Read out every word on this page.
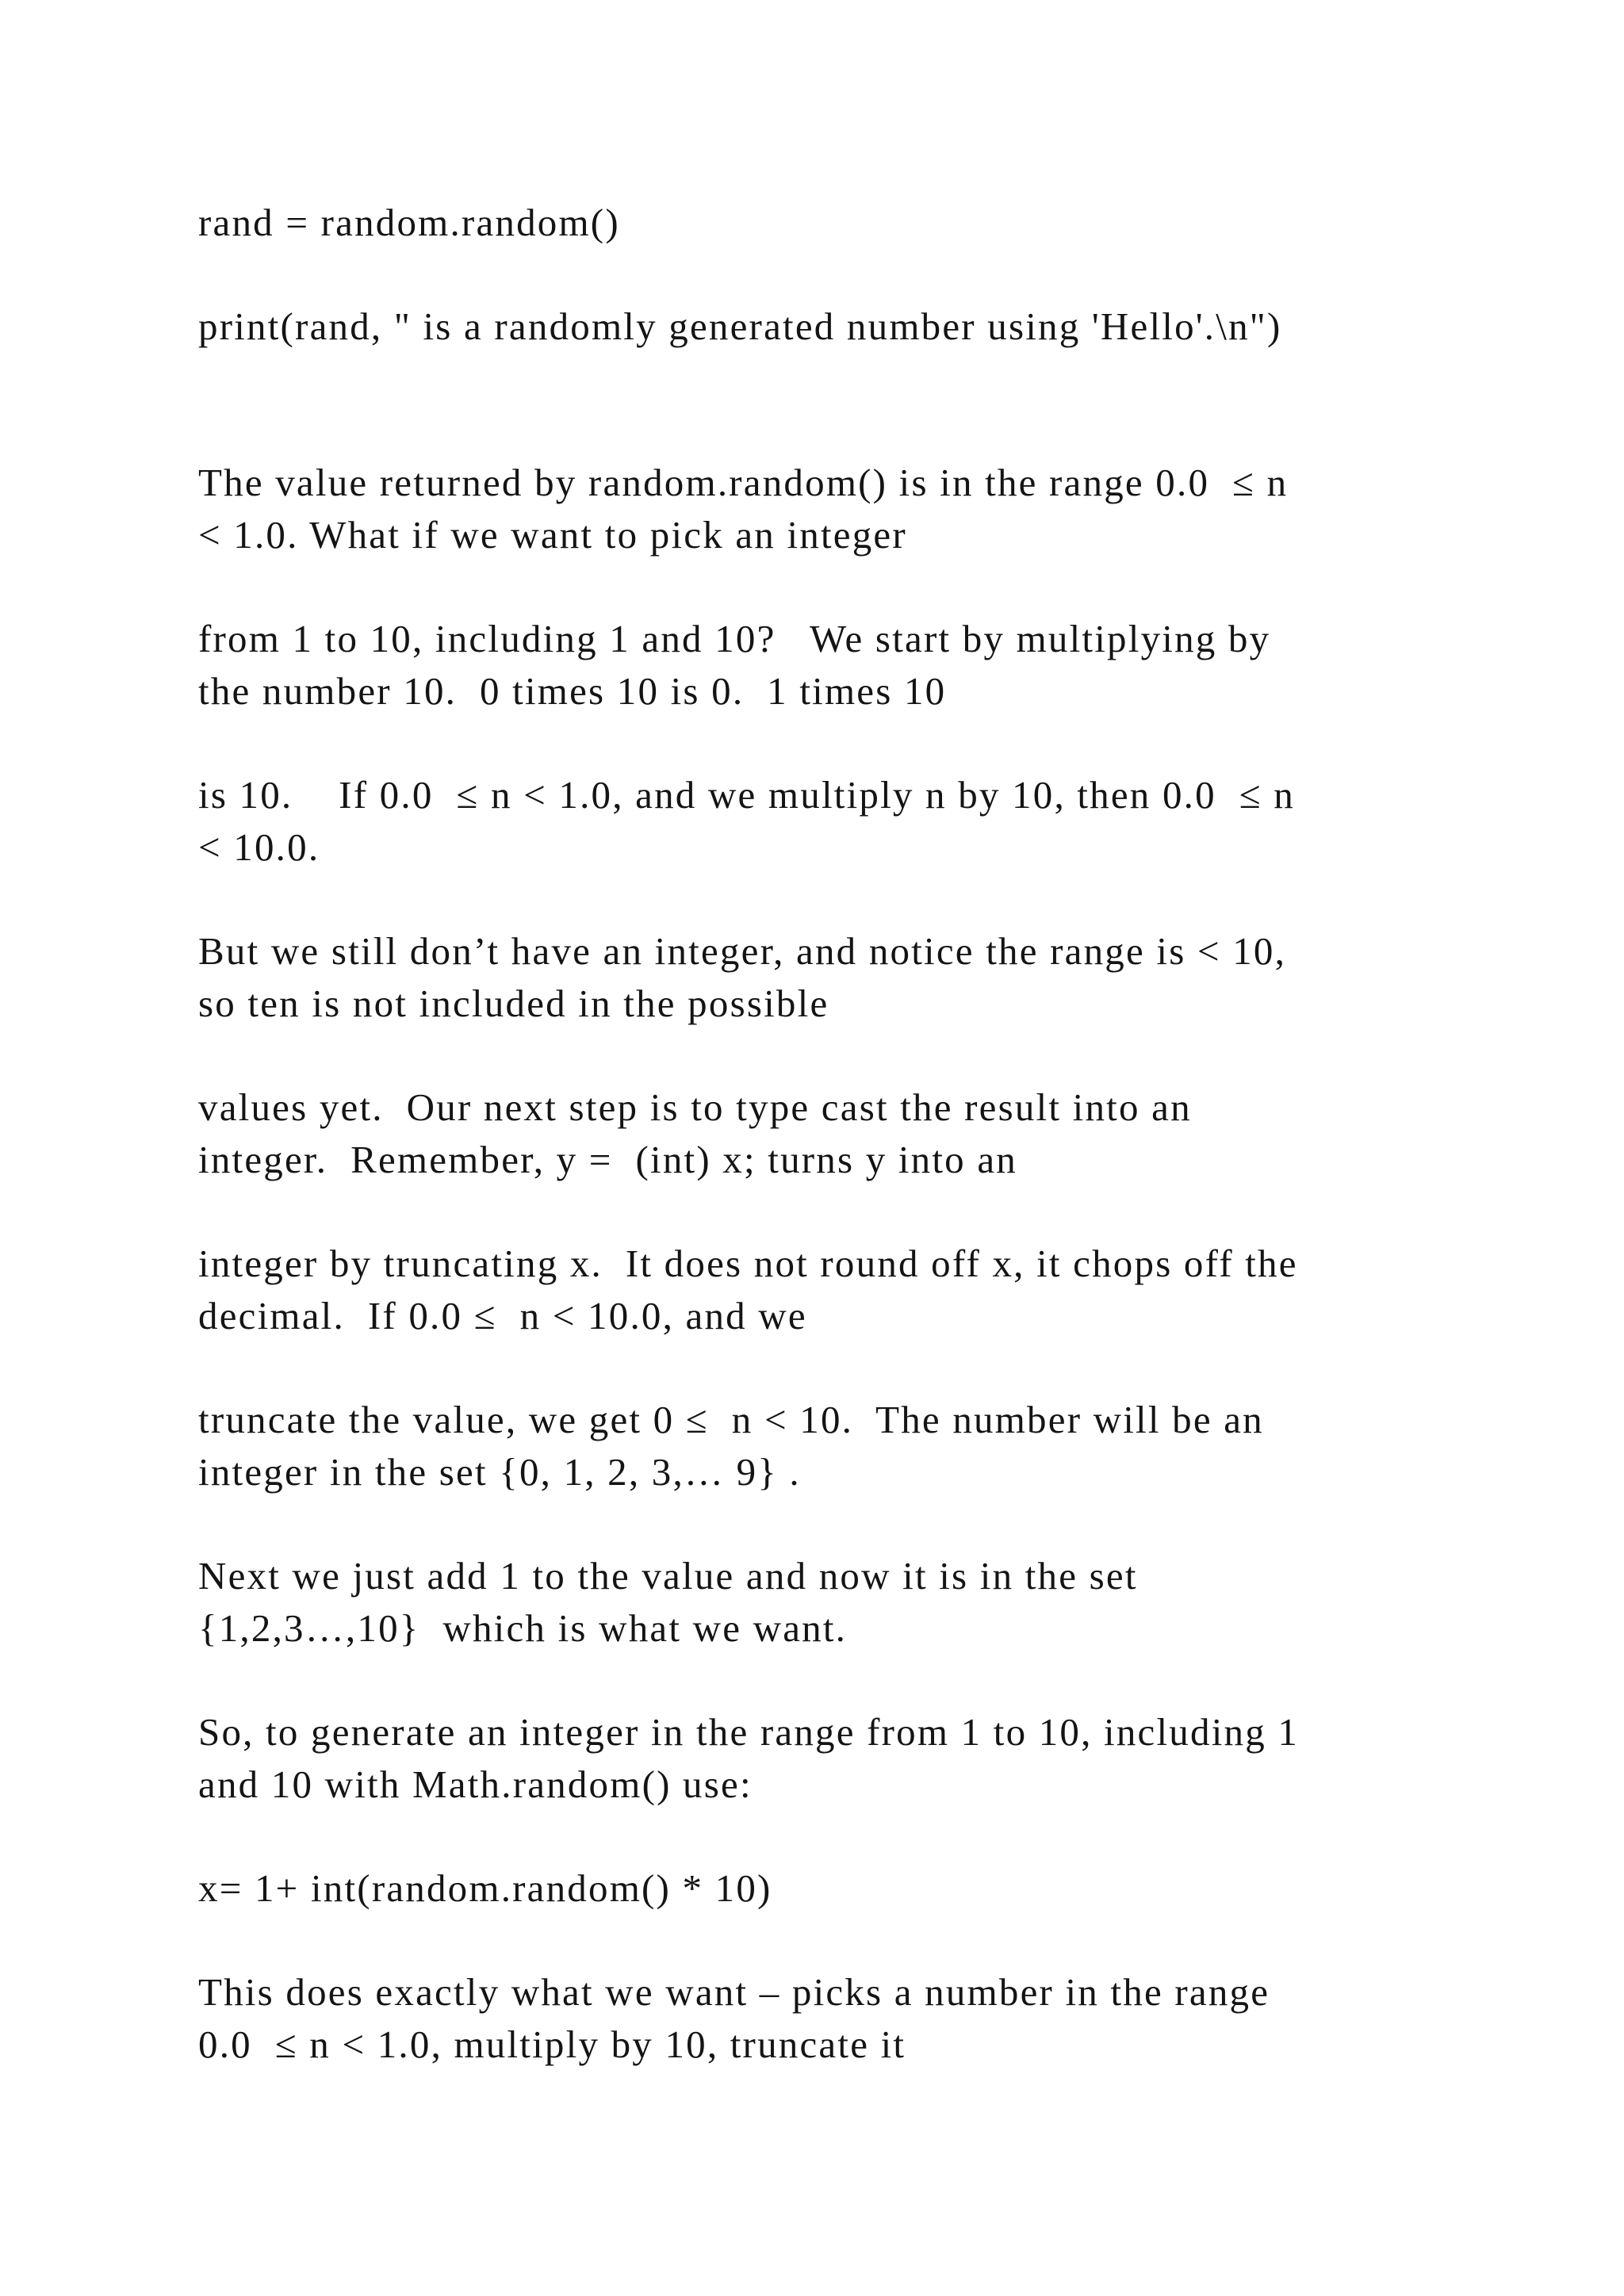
rand = random.random()

print(rand, " is a randomly generated number using 'Hello'.\n")

The value returned by random.random() is in the range 0.0  ≤ n

< 1.0. What if we want to pick an integer

from 1 to 10, including 1 and 10?   We start by multiplying by

the number 10.  0 times 10 is 0.  1 times 10

is 10.    If 0.0  ≤ n < 1.0, and we multiply n by 10, then 0.0  ≤ n

< 10.0.

But we still don’t have an integer, and notice the range is < 10,

so ten is not included in the possible

values yet.  Our next step is to type cast the result into an

integer.  Remember, y =  (int) x; turns y into an

integer by truncating x.  It does not round off x, it chops off the

decimal.  If 0.0 ≤  n < 10.0, and we

truncate the value, we get 0 ≤  n < 10.  The number will be an

integer in the set {0, 1, 2, 3,… 9} .

Next we just add 1 to the value and now it is in the set

{1,2,3…,10}  which is what we want.

So, to generate an integer in the range from 1 to 10, including 1

and 10 with Math.random() use:

x= 1+ int(random.random() * 10)

This does exactly what we want – picks a number in the range

0.0  ≤ n < 1.0, multiply by 10, truncate it
